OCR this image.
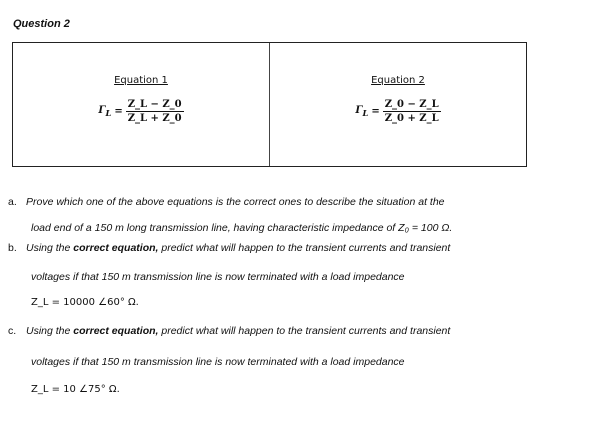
Question 2
Equation 1
$\Gamma_L = \frac{Z\_L - Z\_0}{Z\_L + Z\_0}$
Equation 2
$\Gamma_L = \frac{Z\_0 - Z\_L}{Z\_0 + Z\_L}$
a. Prove which one of the above equations is the correct ones to describe the situation at the
load end of a 150 m long transmission line, having characteristic impedance of Z₀ = 100 Ω.
b. Using the correct equation, predict what will happen to the transient currents and transient
voltages if that 150 m transmission line is now terminated with a load impedance
Z_L = 10000 ∠60° Ω.
c. Using the correct equation, predict what will happen to the transient currents and transient
voltages if that 150 m transmission line is now terminated with a load impedance
Z_L = 10 ∠75° Ω.
